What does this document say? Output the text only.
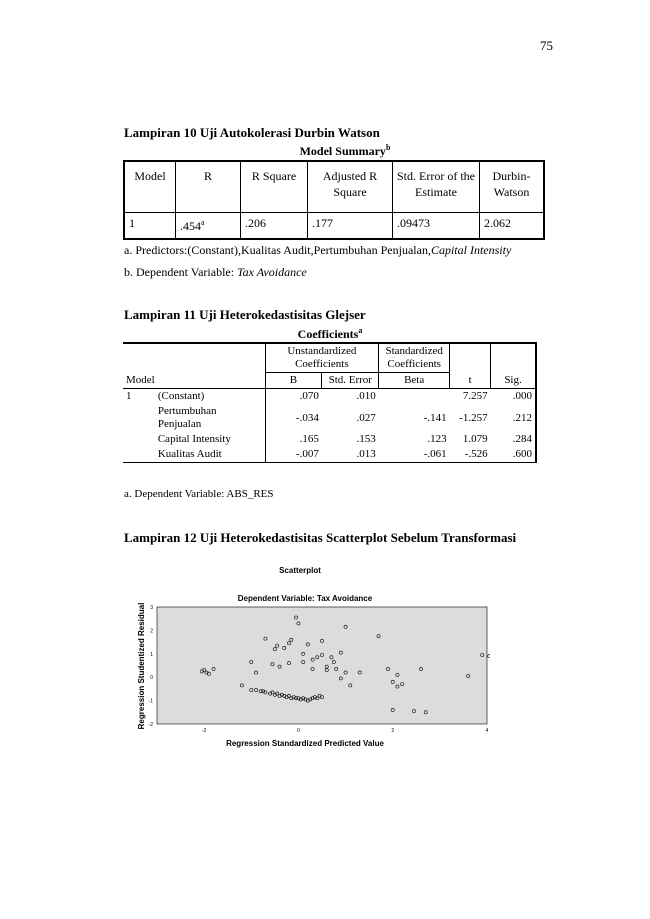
75
Lampiran 10 Uji Autokolerasi Durbin Watson
Model Summary$^b$
Model	R	R Square	Adjusted R Square	Std. Error of the Estimate	Durbin-Watson
1	.454$^a$	.206	.177	.09473	2.062
a. Predictors:(Constant),Kualitas Audit,Pertumbuhan Penjualan,Capital Intensity
b. Dependent Variable: Tax Avoidance
Lampiran 11 Uji Heterokedastisitas Glejser
Coefficients$^a$
Model		Unstandardized Coefficients		Standardized Coefficients	t	Sig.
		B	Std. Error	Beta		
1	(Constant)	.070	.010		7.257	.000
	Pertumbuhan Penjualan	-.034	.027	-.141	-1.257	.212
	Capital Intensity	.165	.153	.123	1.079	.284
	Kualitas Audit	-.007	.013	-.061	-.526	.600
a. Dependent Variable: ABS_RES
Lampiran 12 Uji Heterokedastisitas Scatterplot Sebelum Transformasi
Scatterplot
Dependent Variable: Tax Avoidance
3
2
1
0
-1
-2
-2	0	2	4
Regression Standardized Predicted Value
Regression Studentized Residual
